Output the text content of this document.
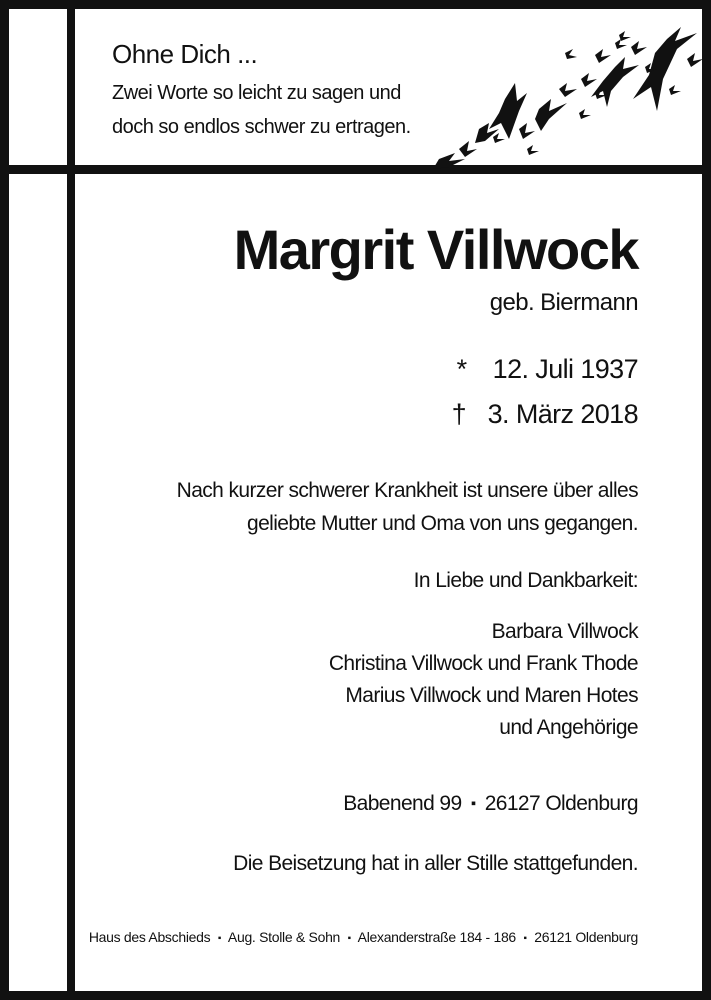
Ohne Dich ...
Zwei Worte so leicht zu sagen und
doch so endlos schwer zu ertragen.
Margrit Villwock
geb. Biermann
* 12. Juli 1937
† 3. März 2018
Nach kurzer schwerer Krankheit ist unsere über alles
geliebte Mutter und Oma von uns gegangen.
In Liebe und Dankbarkeit:
Barbara Villwock
Christina Villwock und Frank Thode
Marius Villwock und Maren Hotes
und Angehörige
Babenend 99 ▪ 26127 Oldenburg
Die Beisetzung hat in aller Stille stattgefunden.
Haus des Abschieds ▪ Aug. Stolle & Sohn ▪ Alexanderstraße 184 - 186 ▪ 26121 Oldenburg
